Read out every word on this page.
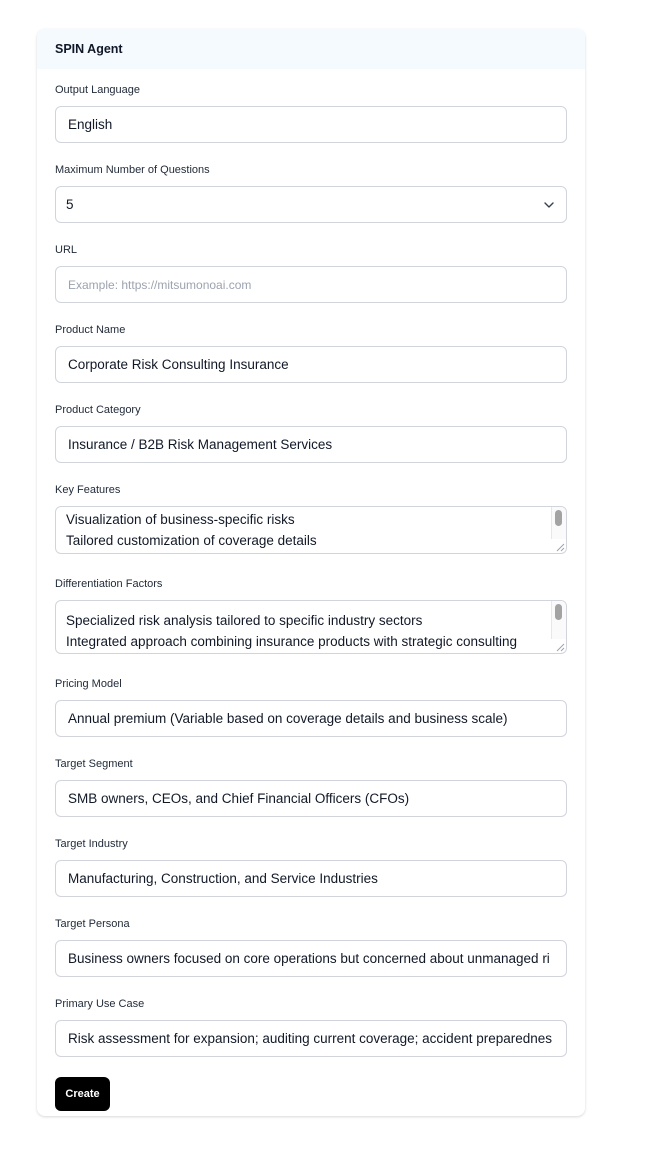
SPIN Agent
Output Language
English
Maximum Number of Questions
5
URL
Example: https://mitsumonoai.com
Product Name
Corporate Risk Consulting Insurance
Product Category
Insurance / B2B Risk Management Services
Key Features
Visualization of business-specific risks
Tailored customization of coverage details
Differentiation Factors
Specialized risk analysis tailored to specific industry sectors
Integrated approach combining insurance products with strategic consulting
Pricing Model
Annual premium (Variable based on coverage details and business scale)
Target Segment
SMB owners, CEOs, and Chief Financial Officers (CFOs)
Target Industry
Manufacturing, Construction, and Service Industries
Target Persona
Business owners focused on core operations but concerned about unmanaged ri
Primary Use Case
Risk assessment for expansion; auditing current coverage; accident preparednes
Create
